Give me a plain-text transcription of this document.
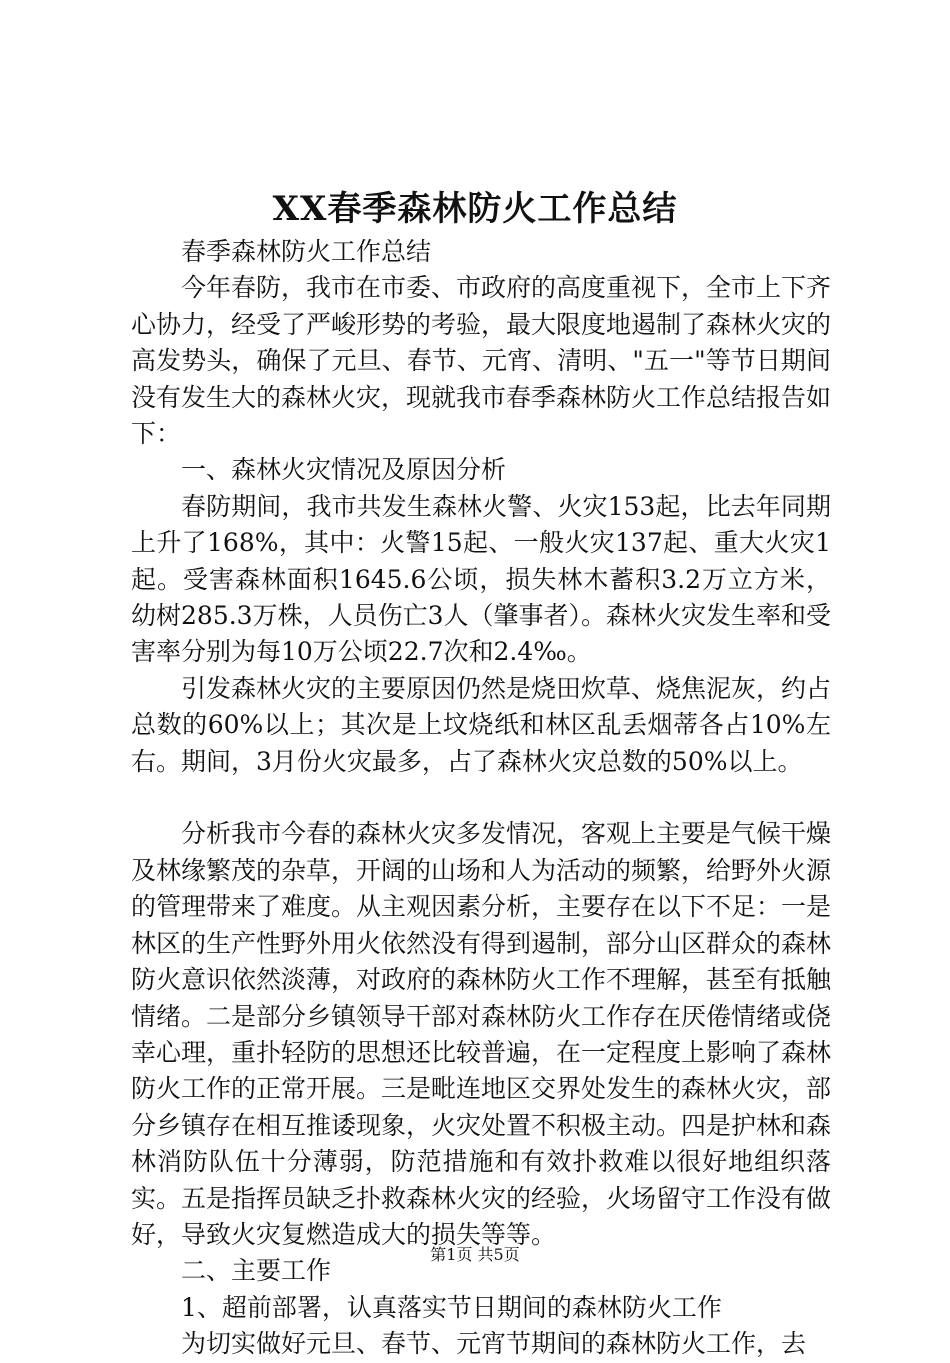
XX春季森林防火工作总结

春季森林防火工作总结

今年春防，我市在市委、市政府的高度重视下，全市上下齐心协力，经受了严峻形势的考验，最大限度地遏制了森林火灾的高发势头，确保了元旦、春节、元宵、清明、"五一"等节日期间没有发生大的森林火灾，现就我市春季森林防火工作总结报告如下：

一、森林火灾情况及原因分析

春防期间，我市共发生森林火警、火灾153起，比去年同期上升了168%，其中：火警15起、一般火灾137起、重大火灾1起。受害森林面积1645.6公顷，损失林木蓄积3.2万立方米，幼树285.3万株，人员伤亡3人（肇事者）。森林火灾发生率和受害率分别为每10万公顷22.7次和2.4‰。

引发森林火灾的主要原因仍然是烧田炊草、烧焦泥灰，约占总数的60%以上；其次是上坟烧纸和林区乱丢烟蒂各占10%左右。期间，3月份火灾最多，占了森林火灾总数的50%以上。

分析我市今春的森林火灾多发情况，客观上主要是气候干燥及林缘繁茂的杂草，开阔的山场和人为活动的频繁，给野外火源的管理带来了难度。从主观因素分析，主要存在以下不足：一是林区的生产性野外用火依然没有得到遏制，部分山区群众的森林防火意识依然淡薄，对政府的森林防火工作不理解，甚至有抵触情绪。二是部分乡镇领导干部对森林防火工作存在厌倦情绪或侥幸心理，重扑轻防的思想还比较普遍，在一定程度上影响了森林防火工作的正常开展。三是毗连地区交界处发生的森林火灾，部分乡镇存在相互推诿现象，火灾处置不积极主动。四是护林和森林消防队伍十分薄弱，防范措施和有效扑救难以很好地组织落实。五是指挥员缺乏扑救森林火灾的经验，火场留守工作没有做好，导致火灾复燃造成大的损失等等。

二、主要工作

1、超前部署，认真落实节日期间的森林防火工作

为切实做好元旦、春节、元宵节期间的森林防火工作，去

第1页 共5页
